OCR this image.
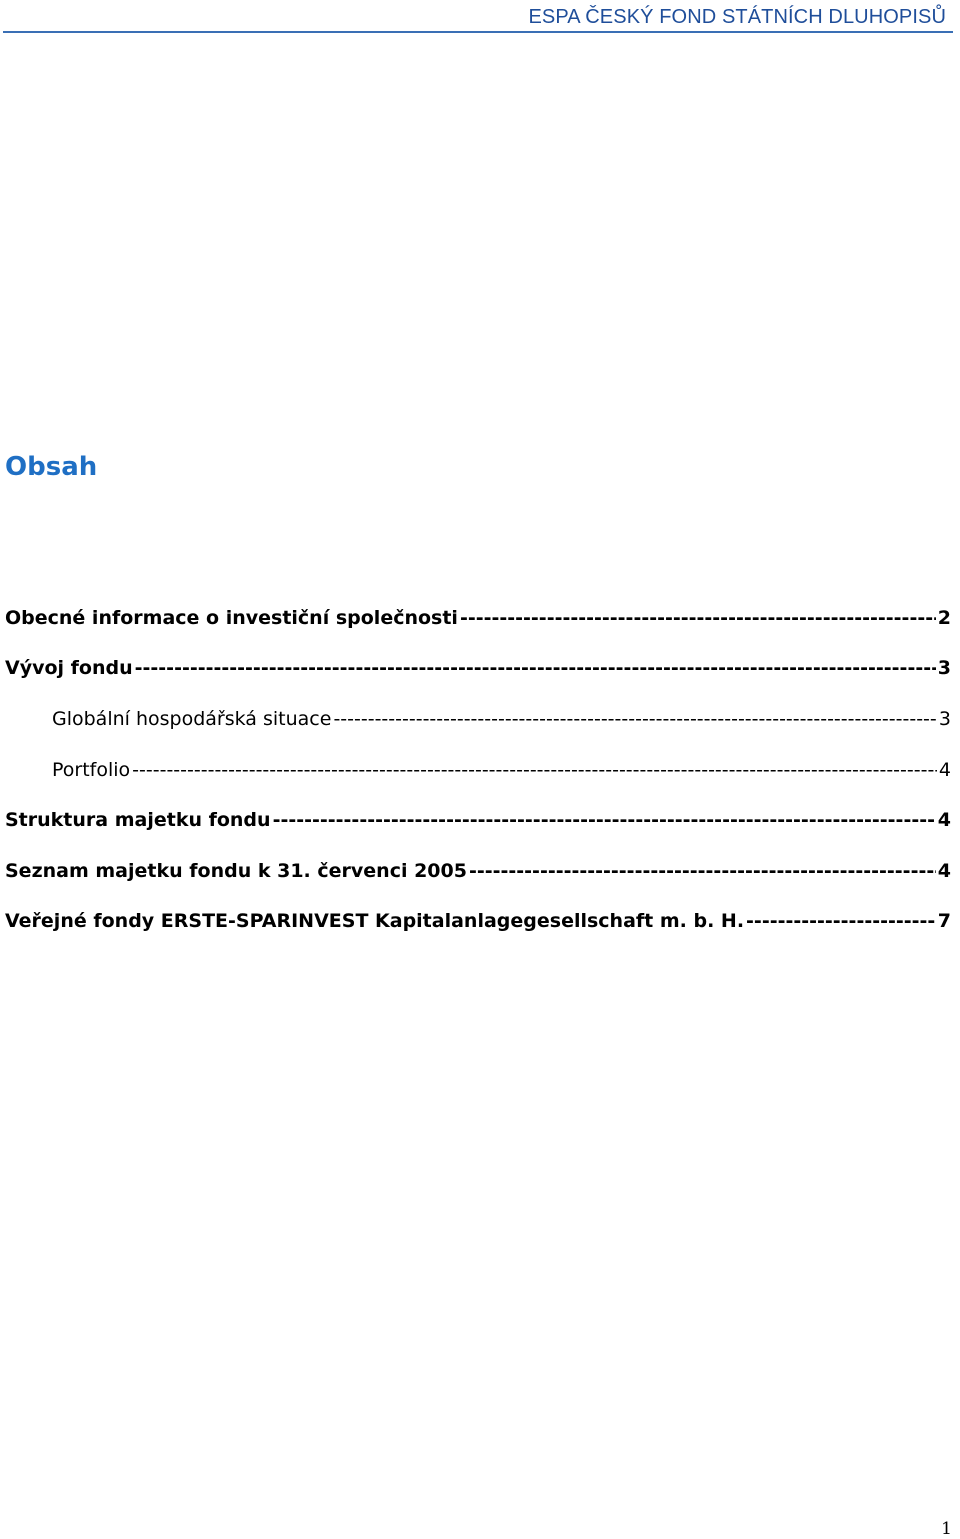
ESPA ČESKÝ FOND STÁTNÍCH DLUHOPISŮ
Obsah
Obecné informace o investiční společnosti -----	2
Vývoj fondu -----	3
Globální hospodářská situace -----	3
Portfolio -----	4
Struktura majetku fondu -----	4
Seznam majetku fondu k 31. červenci 2005 -----	4
Veřejné fondy ERSTE-SPARINVEST Kapitalanlagegesellschaft m. b. H. -----	7
1
